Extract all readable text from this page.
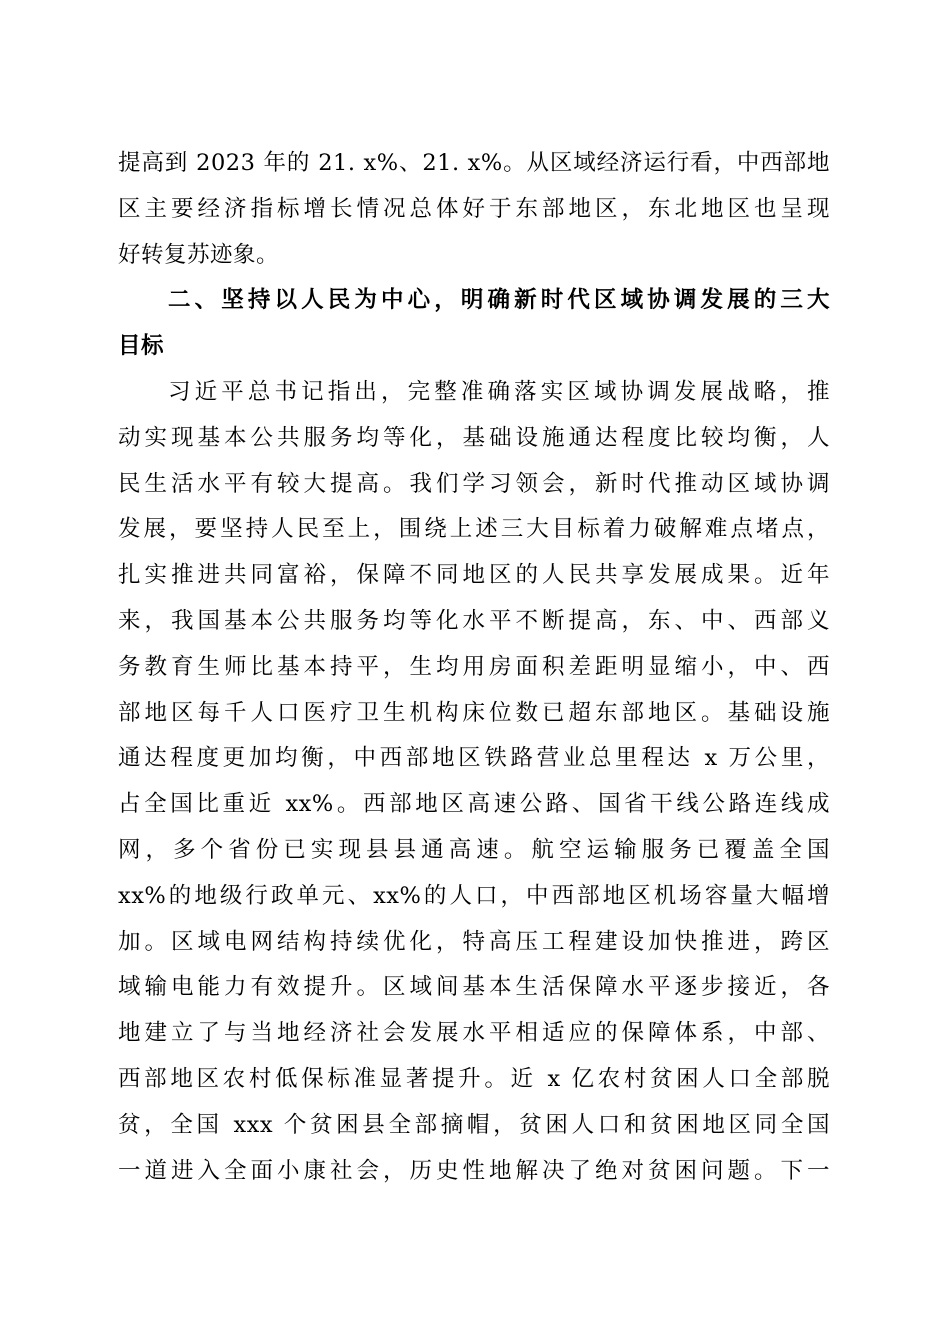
提高到 2023 年的 21. x%、21. x%。从区域经济运行看，中西部地
区主要经济指标增长情况总体好于东部地区，东北地区也呈现
好转复苏迹象。
二、坚持以人民为中心，明确新时代区域协调发展的三大
目标
习近平总书记指出，完整准确落实区域协调发展战略，推
动实现基本公共服务均等化，基础设施通达程度比较均衡，人
民生活水平有较大提高。我们学习领会，新时代推动区域协调
发展，要坚持人民至上，围绕上述三大目标着力破解难点堵点，
扎实推进共同富裕，保障不同地区的人民共享发展成果。近年
来，我国基本公共服务均等化水平不断提高，东、中、西部义
务教育生师比基本持平，生均用房面积差距明显缩小，中、西
部地区每千人口医疗卫生机构床位数已超东部地区。基础设施
通达程度更加均衡，中西部地区铁路营业总里程达 x 万公里，
占全国比重近 xx%。西部地区高速公路、国省干线公路连线成
网，多个省份已实现县县通高速。航空运输服务已覆盖全国
xx%的地级行政单元、xx%的人口，中西部地区机场容量大幅增
加。区域电网结构持续优化，特高压工程建设加快推进，跨区
域输电能力有效提升。区域间基本生活保障水平逐步接近，各
地建立了与当地经济社会发展水平相适应的保障体系，中部、
西部地区农村低保标准显著提升。近 x 亿农村贫困人口全部脱
贫，全国 xxx 个贫困县全部摘帽，贫困人口和贫困地区同全国
一道进入全面小康社会，历史性地解决了绝对贫困问题。下一
